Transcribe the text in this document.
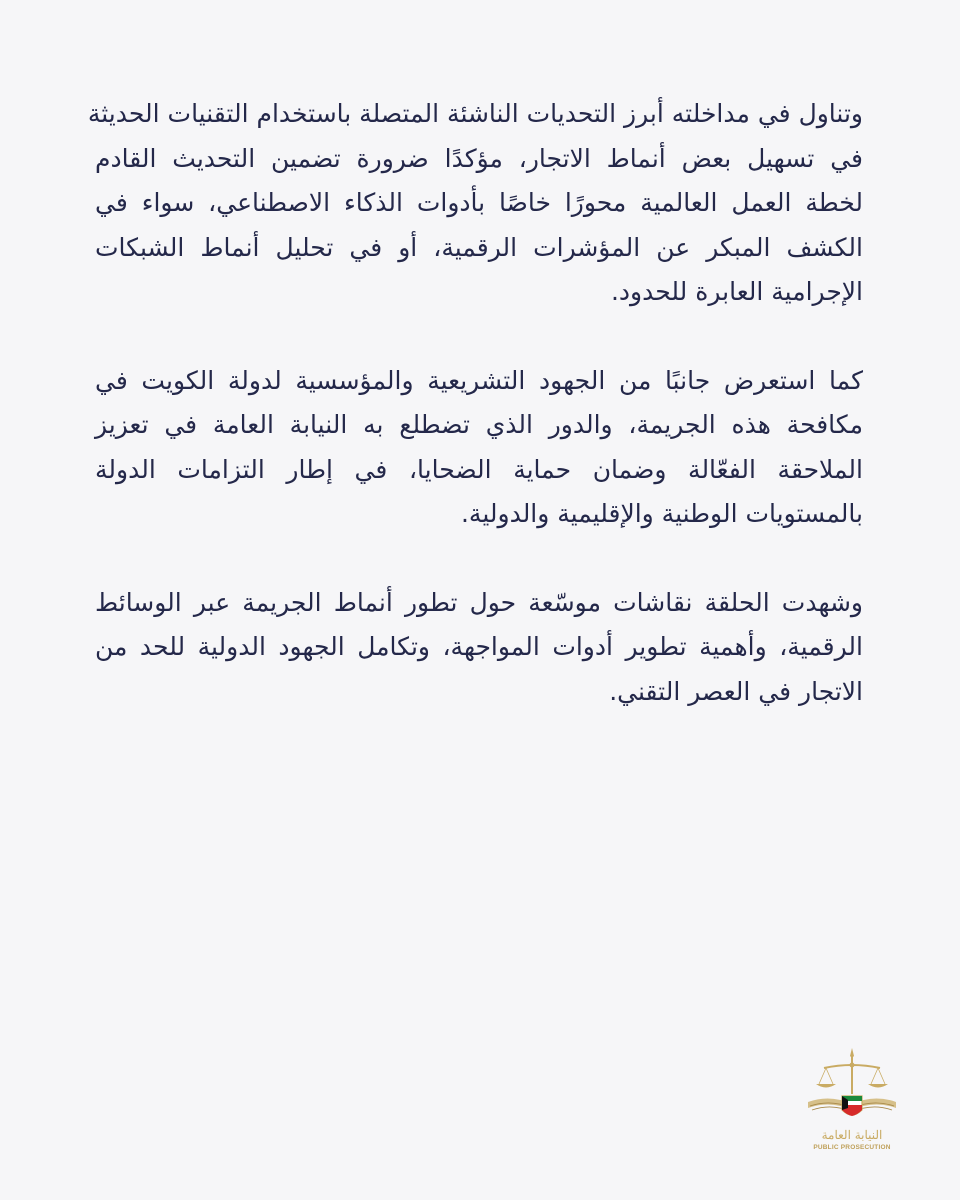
وتناول في مداخلته أبرز التحديات الناشئة المتصلة باستخدام التقنيات الحديثة
في تسهيل بعض أنماط الاتجار، مؤكدًا ضرورة تضمين التحديث القادم
لخطة العمل العالمية محورًا خاصًا بأدوات الذكاء الاصطناعي، سواء في
الكشف المبكر عن المؤشرات الرقمية، أو في تحليل أنماط الشبكات
الإجرامية العابرة للحدود.
كما استعرض جانبًا من الجهود التشريعية والمؤسسية لدولة الكويت في
مكافحة هذه الجريمة، والدور الذي تضطلع به النيابة العامة في تعزيز
الملاحقة الفعّالة وضمان حماية الضحايا، في إطار التزامات الدولة
بالمستويات الوطنية والإقليمية والدولية.
وشهدت الحلقة نقاشات موسّعة حول تطور أنماط الجريمة عبر الوسائط
الرقمية، وأهمية تطوير أدوات المواجهة، وتكامل الجهود الدولية للحد من
الاتجار في العصر التقني.
النيابة العامة
PUBLIC PROSECUTION
